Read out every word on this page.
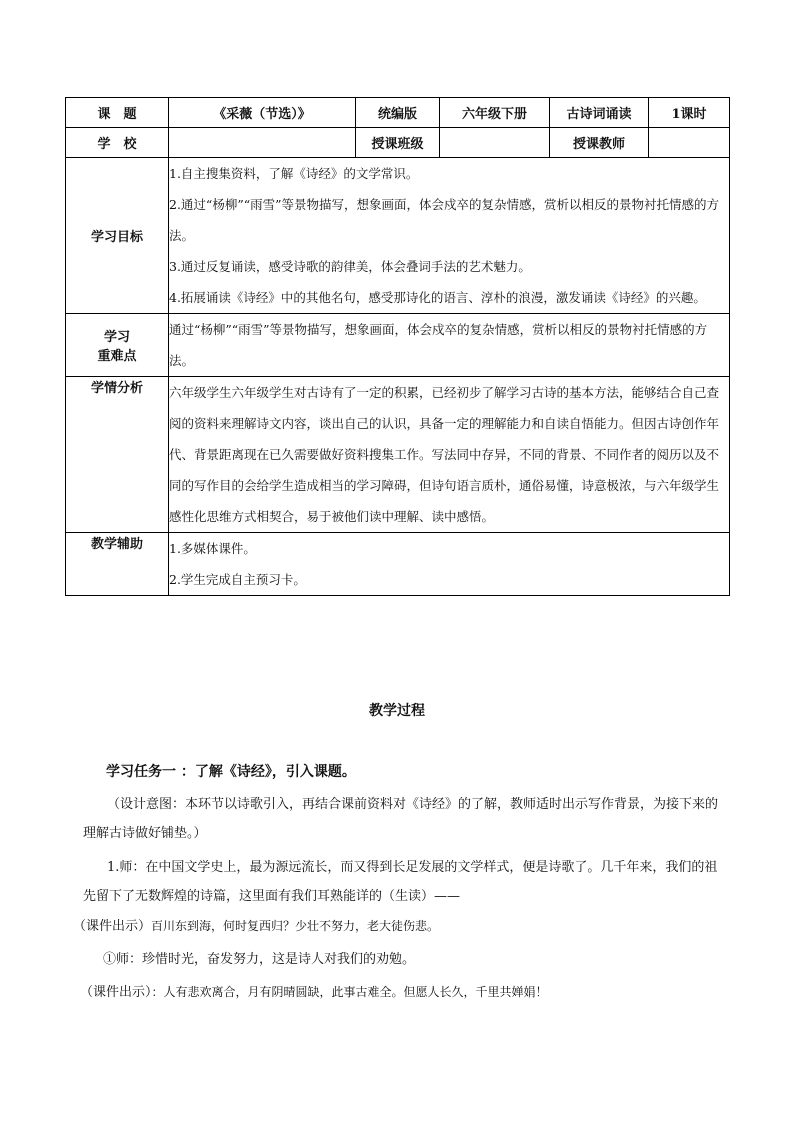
课　题	《采薇（节选）》	统编版	六年级下册	古诗词诵读	1课时
学　校		授课班级		授课教师	
学习目标	1.自主搜集资料，了解《诗经》的文学常识。
2.通过“杨柳”“雨雪”等景物描写，想象画面，体会戍卒的复杂情感，赏析以相反的景物衬托情感的方法。
3.通过反复诵读，感受诗歌的韵律美，体会叠词手法的艺术魅力。
4.拓展诵读《诗经》中的其他名句，感受那诗化的语言、淳朴的浪漫，激发诵读《诗经》的兴趣。				

学习
重难点	通过“杨柳”“雨雪”等景物描写，想象画面，体会戍卒的复杂情感，赏析以相反的景物衬托情感的方法。				
学情分析	六年级学生六年级学生对古诗有了一定的积累，已经初步了解学习古诗的基本方法，能够结合自己查阅的资料来理解诗文内容，谈出自己的认识，具备一定的理解能力和自读自悟能力。但因古诗创作年代、背景距离现在已久需要做好资料搜集工作。写法同中存异，不同的背景、不同作者的阅历以及不同的写作目的会给学生造成相当的学习障碍，但诗句语言质朴，通俗易懂，诗意极浓，与六年级学生感性化思维方式相契合，易于被他们读中理解、读中感悟。				
教学辅助	1.多媒体课件。
2.学生完成自主预习卡。				
教学过程
学习任务一 ：了解《诗经》，引入课题。
（设计意图：本环节以诗歌引入，再结合课前资料对《诗经》的了解，教师适时出示写作背景，为接下来的理解古诗做好铺垫。）
1.师：在中国文学史上，最为源远流长，而又得到长足发展的文学样式，便是诗歌了。几千年来，我们的祖先留下了无数辉煌的诗篇，这里面有我们耳熟能详的（生读）——
（课件出示）百川东到海，何时复西归？少壮不努力，老大徒伤悲。
①师：珍惜时光，奋发努力，这是诗人对我们的劝勉。
（课件出示）：人有悲欢离合，月有阴晴圆缺，此事古难全。但愿人长久，千里共婵娟！
